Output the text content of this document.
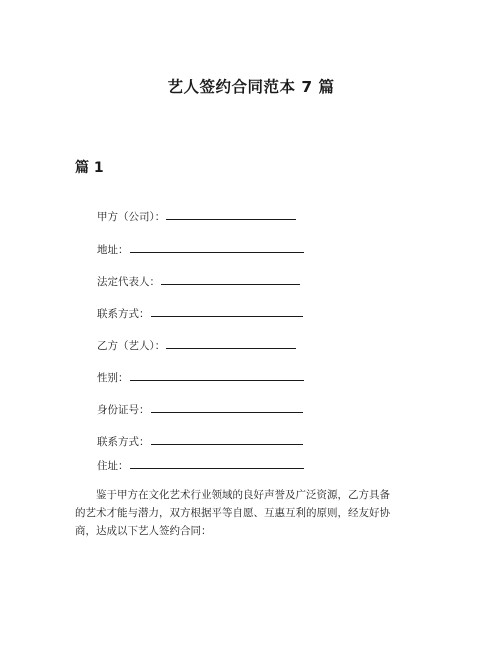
艺人签约合同范本 7 篇
篇 1
甲方（公司）：
地址：
法定代表人：
联系方式：
乙方（艺人）：
性别：
身份证号：
联系方式：
住址：

鉴于甲方在文化艺术行业领域的良好声誉及广泛资源，乙方具备
的艺术才能与潜力，双方根据平等自愿、互惠互利的原则，经友好协
商，达成以下艺人签约合同：
